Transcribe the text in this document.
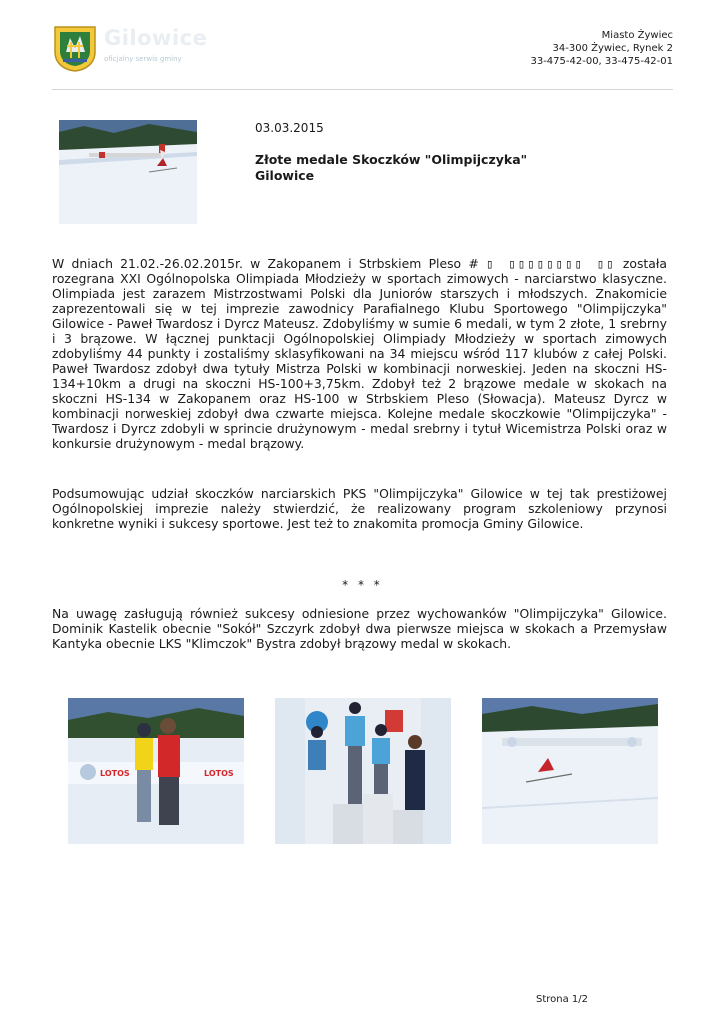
Gilowice
oficjalny serwis gminy
Miasto Żywiec
34-300 Żywiec, Rynek 2
33-475-42-00, 33-475-42-01
03.03.2015
Złote medale Skoczków "Olimpijczyka"
Gilowice

W dniach 21.02.-26.02.2015r. w Zakopanem i Strbskiem Pleso # ▯ ▯▯▯▯▯▯▯▯ ▯▯ została rozegrana XXI Ogólnopolska Olimpiada Młodzieży w sportach zimowych - narciarstwo klasyczne. Olimpiada jest zarazem Mistrzostwami Polski dla Juniorów starszych i młodszych. Znakomicie zaprezentowali się w tej imprezie zawodnicy Parafialnego Klubu Sportowego "Olimpijczyka" Gilowice - Paweł Twardosz i Dyrcz Mateusz. Zdobyliśmy w sumie 6 medali, w tym 2 złote, 1 srebrny i 3 brązowe. W łącznej punktacji Ogólnopolskiej Olimpiady Młodzieży w sportach zimowych zdobyliśmy 44 punkty i zostaliśmy sklasyfikowani na 34 miejscu wśród 117 klubów z całej Polski. Paweł Twardosz zdobył dwa tytuły Mistrza Polski w kombinacji norweskiej. Jeden na skoczni HS-134+10km a drugi na skoczni HS-100+3,75km. Zdobył też 2 brązowe medale w skokach na skoczni HS-134 w Zakopanem oraz HS-100 w Strbskiem Pleso (Słowacja). Mateusz Dyrcz w kombinacji norweskiej zdobył dwa czwarte miejsca. Kolejne medale skoczkowie "Olimpijczyka" - Twardosz i Dyrcz zdobyli w sprincie drużynowym - medal srebrny i tytuł Wicemistrza Polski oraz w konkursie drużynowym - medal brązowy.

Podsumowując udział skoczków narciarskich PKS "Olimpijczyka" Gilowice w tej tak prestiżowej Ogólnopolskiej imprezie należy stwierdzić, że realizowany program szkoleniowy przynosi konkretne wyniki i sukcesy sportowe. Jest też to znakomita promocja Gminy Gilowice.

* * *

Na uwagę zasługują również sukcesy odniesione przez wychowanków "Olimpijczyka" Gilowice. Dominik Kastelik obecnie "Sokół" Szczyrk zdobył dwa pierwsze miejsca w skokach a Przemysław Kantyka obecnie LKS "Klimczok" Bystra zdobył brązowy medal w skokach.

LOTOS	LOTOS
Strona 1/2
